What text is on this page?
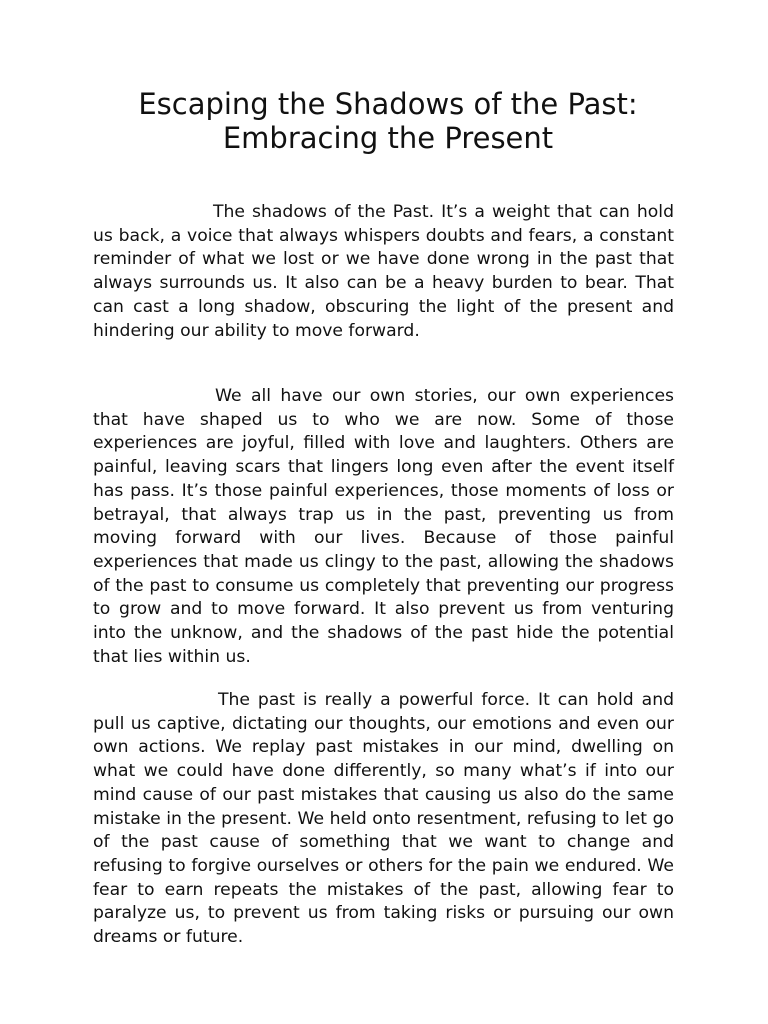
Escaping the Shadows of the Past:
Embracing the Present

The shadows of the Past. It’s a weight that can hold us back, a voice that always whispers doubts and fears, a constant reminder of what we lost or we have done wrong in the past that always surrounds us. It also can be a heavy burden to bear. That can cast a long shadow, obscuring the light of the present and hindering our ability to move forward.

We all have our own stories, our own experiences that have shaped us to who we are now. Some of those experiences are joyful, filled with love and laughters. Others are painful, leaving scars that lingers long even after the event itself has pass. It’s those painful experiences, those moments of loss or betrayal, that always trap us in the past, preventing us from moving forward with our lives. Because of those painful experiences that made us clingy to the past, allowing the shadows of the past to consume us completely that preventing our progress to grow and to move forward. It also prevent us from venturing into the unknow, and the shadows of the past hide the potential that lies within us.

The past is really a powerful force. It can hold and pull us captive, dictating our thoughts, our emotions and even our own actions. We replay past mistakes in our mind, dwelling on what we could have done differently, so many what’s if into our mind cause of our past mistakes that causing us also do the same mistake in the present. We held onto resentment, refusing to let go of the past cause of something that we want to change and refusing to forgive ourselves or others for the pain we endured. We fear to earn repeats the mistakes of the past, allowing fear to paralyze us, to prevent us from taking risks or pursuing our own dreams or future.
